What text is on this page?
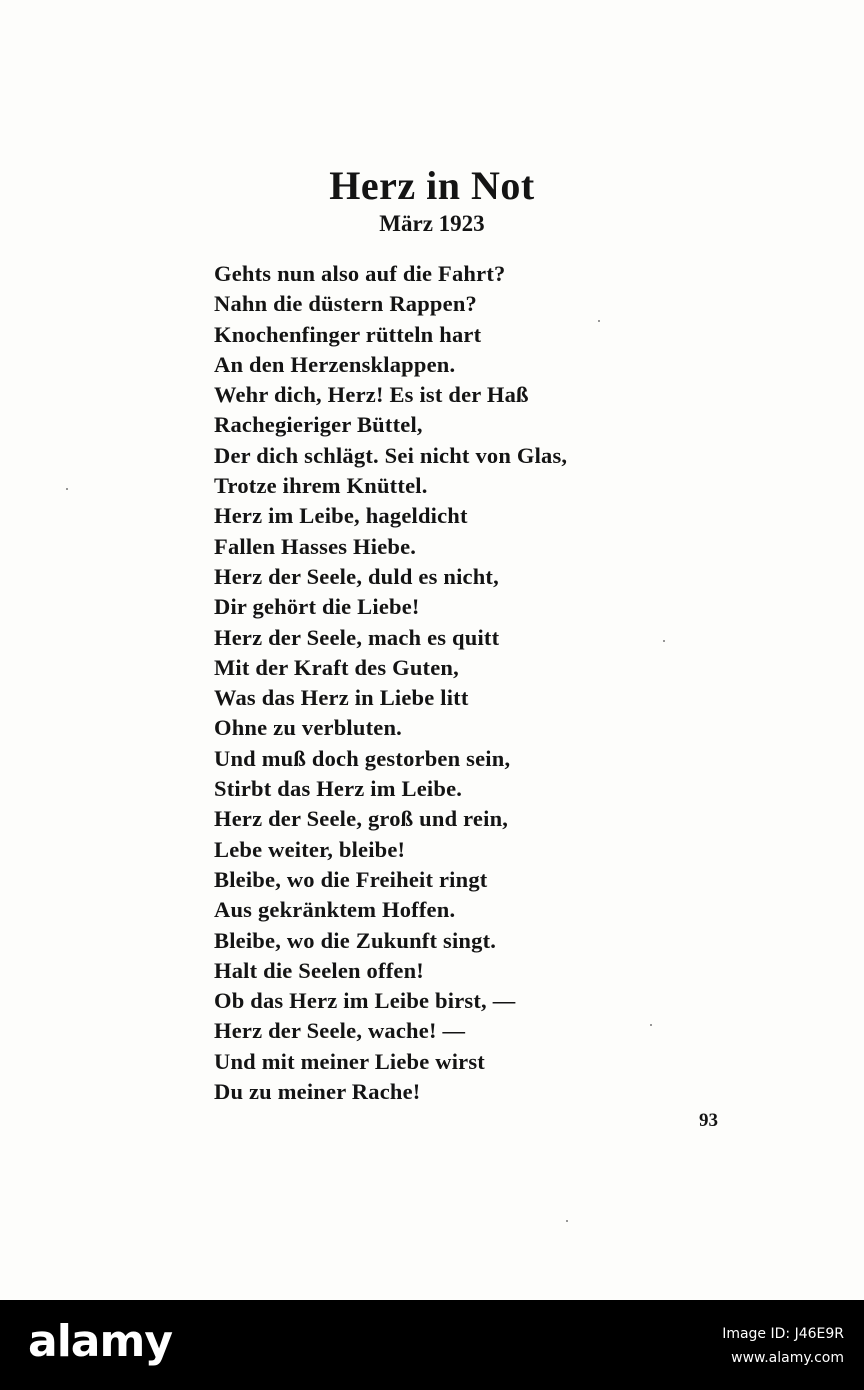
Herz in Not
März 1923
Gehts nun also auf die Fahrt?
Nahn die düstern Rappen?
Knochenfinger rütteln hart
An den Herzensklappen.
Wehr dich, Herz! Es ist der Haß
Rachegieriger Büttel,
Der dich schlägt. Sei nicht von Glas,
Trotze ihrem Knüttel.
Herz im Leibe, hageldicht
Fallen Hasses Hiebe.
Herz der Seele, duld es nicht,
Dir gehört die Liebe!
Herz der Seele, mach es quitt
Mit der Kraft des Guten,
Was das Herz in Liebe litt
Ohne zu verbluten.
Und muß doch gestorben sein,
Stirbt das Herz im Leibe.
Herz der Seele, groß und rein,
Lebe weiter, bleibe!
Bleibe, wo die Freiheit ringt
Aus gekränktem Hoffen.
Bleibe, wo die Zukunft singt.
Halt die Seelen offen!
Ob das Herz im Leibe birst, —
Herz der Seele, wache! —
Und mit meiner Liebe wirst
Du zu meiner Rache!
93
alamy	Image ID: J46E9R
www.alamy.com
